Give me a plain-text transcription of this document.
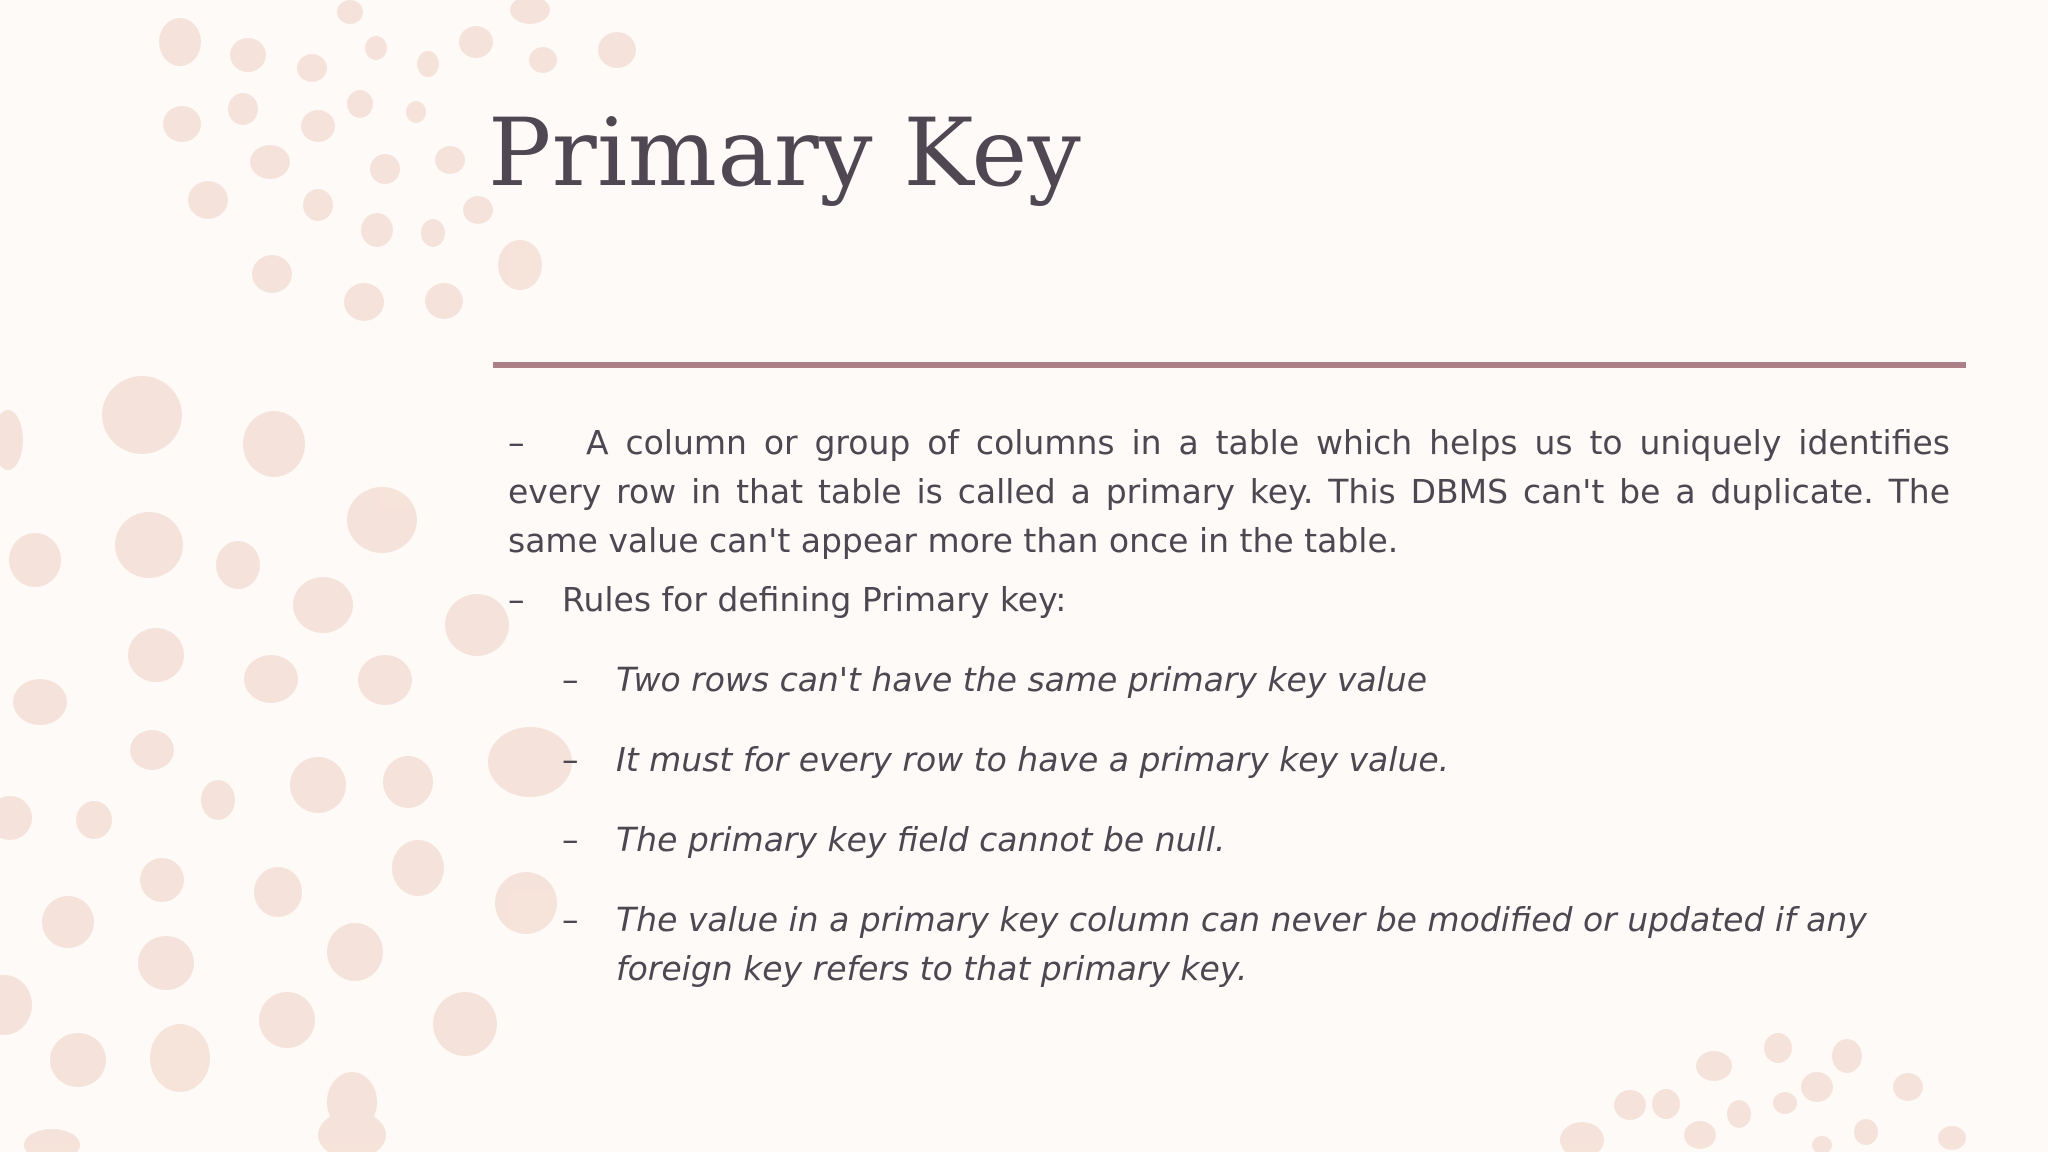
Primary Key

– A column or group of columns in a table which helps us to uniquely identifies every row in that table is called a primary key. This DBMS can't be a duplicate. The same value can't appear more than once in the table.

– Rules for defining Primary key:

– Two rows can't have the same primary key value

– It must for every row to have a primary key value.

– The primary key field cannot be null.

– The value in a primary key column can never be modified or updated if any foreign key refers to that primary key.
